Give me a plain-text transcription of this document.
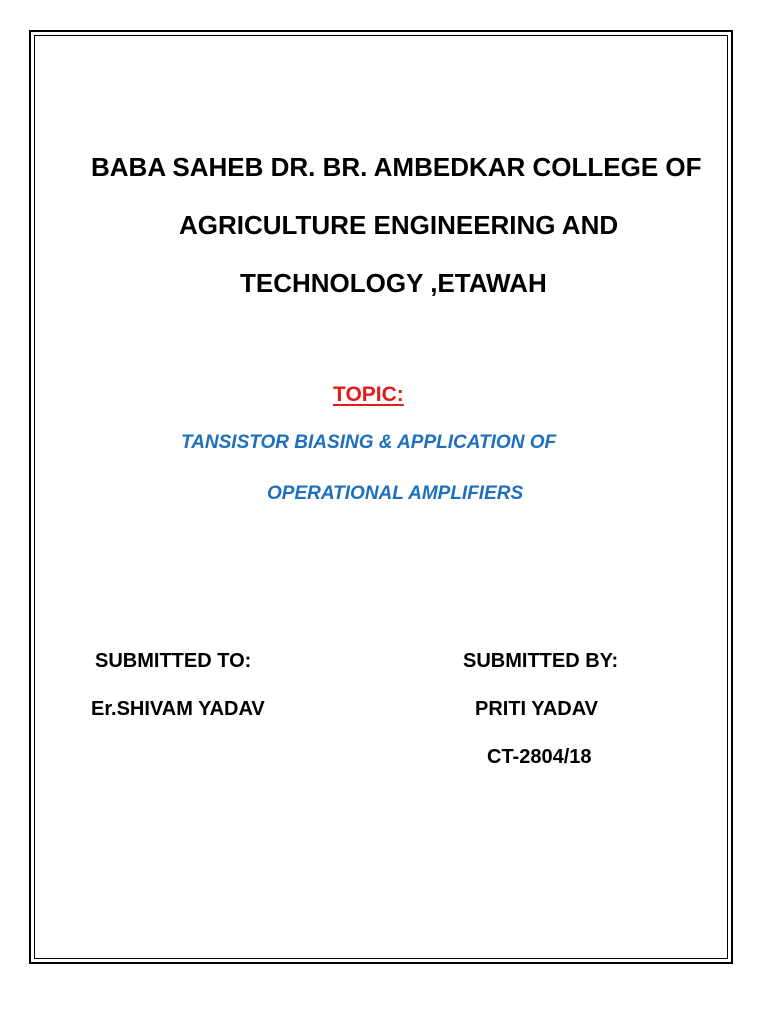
BABA SAHEB DR. BR. AMBEDKAR COLLEGE OF
AGRICULTURE ENGINEERING AND
TECHNOLOGY ,ETAWAH
TOPIC:
TANSISTOR BIASING & APPLICATION OF
OPERATIONAL AMPLIFIERS
SUBMITTED TO:
Er.SHIVAM YADAV
SUBMITTED BY:
PRITI YADAV
CT-2804/18
